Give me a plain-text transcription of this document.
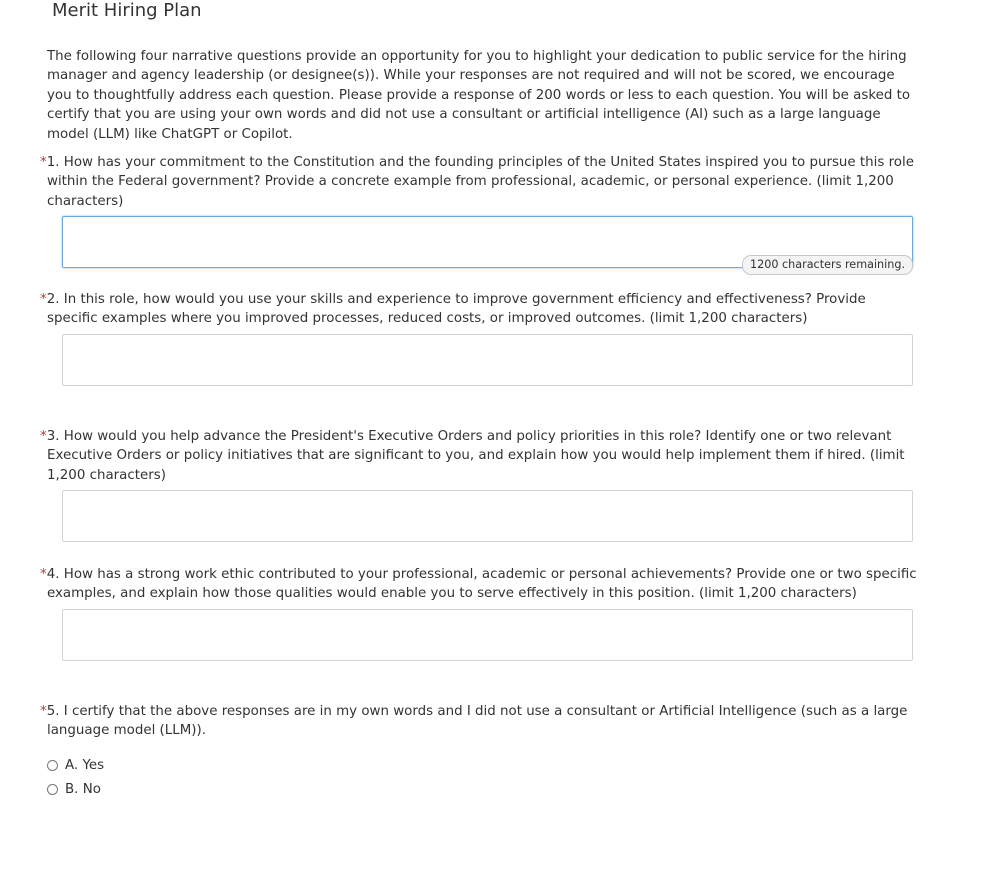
Merit Hiring Plan

The following four narrative questions provide an opportunity for you to highlight your dedication to public service for the hiring manager and agency leadership (or designee(s)). While your responses are not required and will not be scored, we encourage you to thoughtfully address each question. Please provide a response of 200 words or less to each question. You will be asked to certify that you are using your own words and did not use a consultant or artificial intelligence (AI) such as a large language model (LLM) like ChatGPT or Copilot.

*1. How has your commitment to the Constitution and the founding principles of the United States inspired you to pursue this role within the Federal government? Provide a concrete example from professional, academic, or personal experience. (limit 1,200 characters)

1200 characters remaining.

*2. In this role, how would you use your skills and experience to improve government efficiency and effectiveness? Provide specific examples where you improved processes, reduced costs, or improved outcomes. (limit 1,200 characters)

*3. How would you help advance the President's Executive Orders and policy priorities in this role? Identify one or two relevant Executive Orders or policy initiatives that are significant to you, and explain how you would help implement them if hired. (limit 1,200 characters)

*4. How has a strong work ethic contributed to your professional, academic or personal achievements? Provide one or two specific examples, and explain how those qualities would enable you to serve effectively in this position. (limit 1,200 characters)

*5. I certify that the above responses are in my own words and I did not use a consultant or Artificial Intelligence (such as a large language model (LLM)).

A. Yes
B. No
